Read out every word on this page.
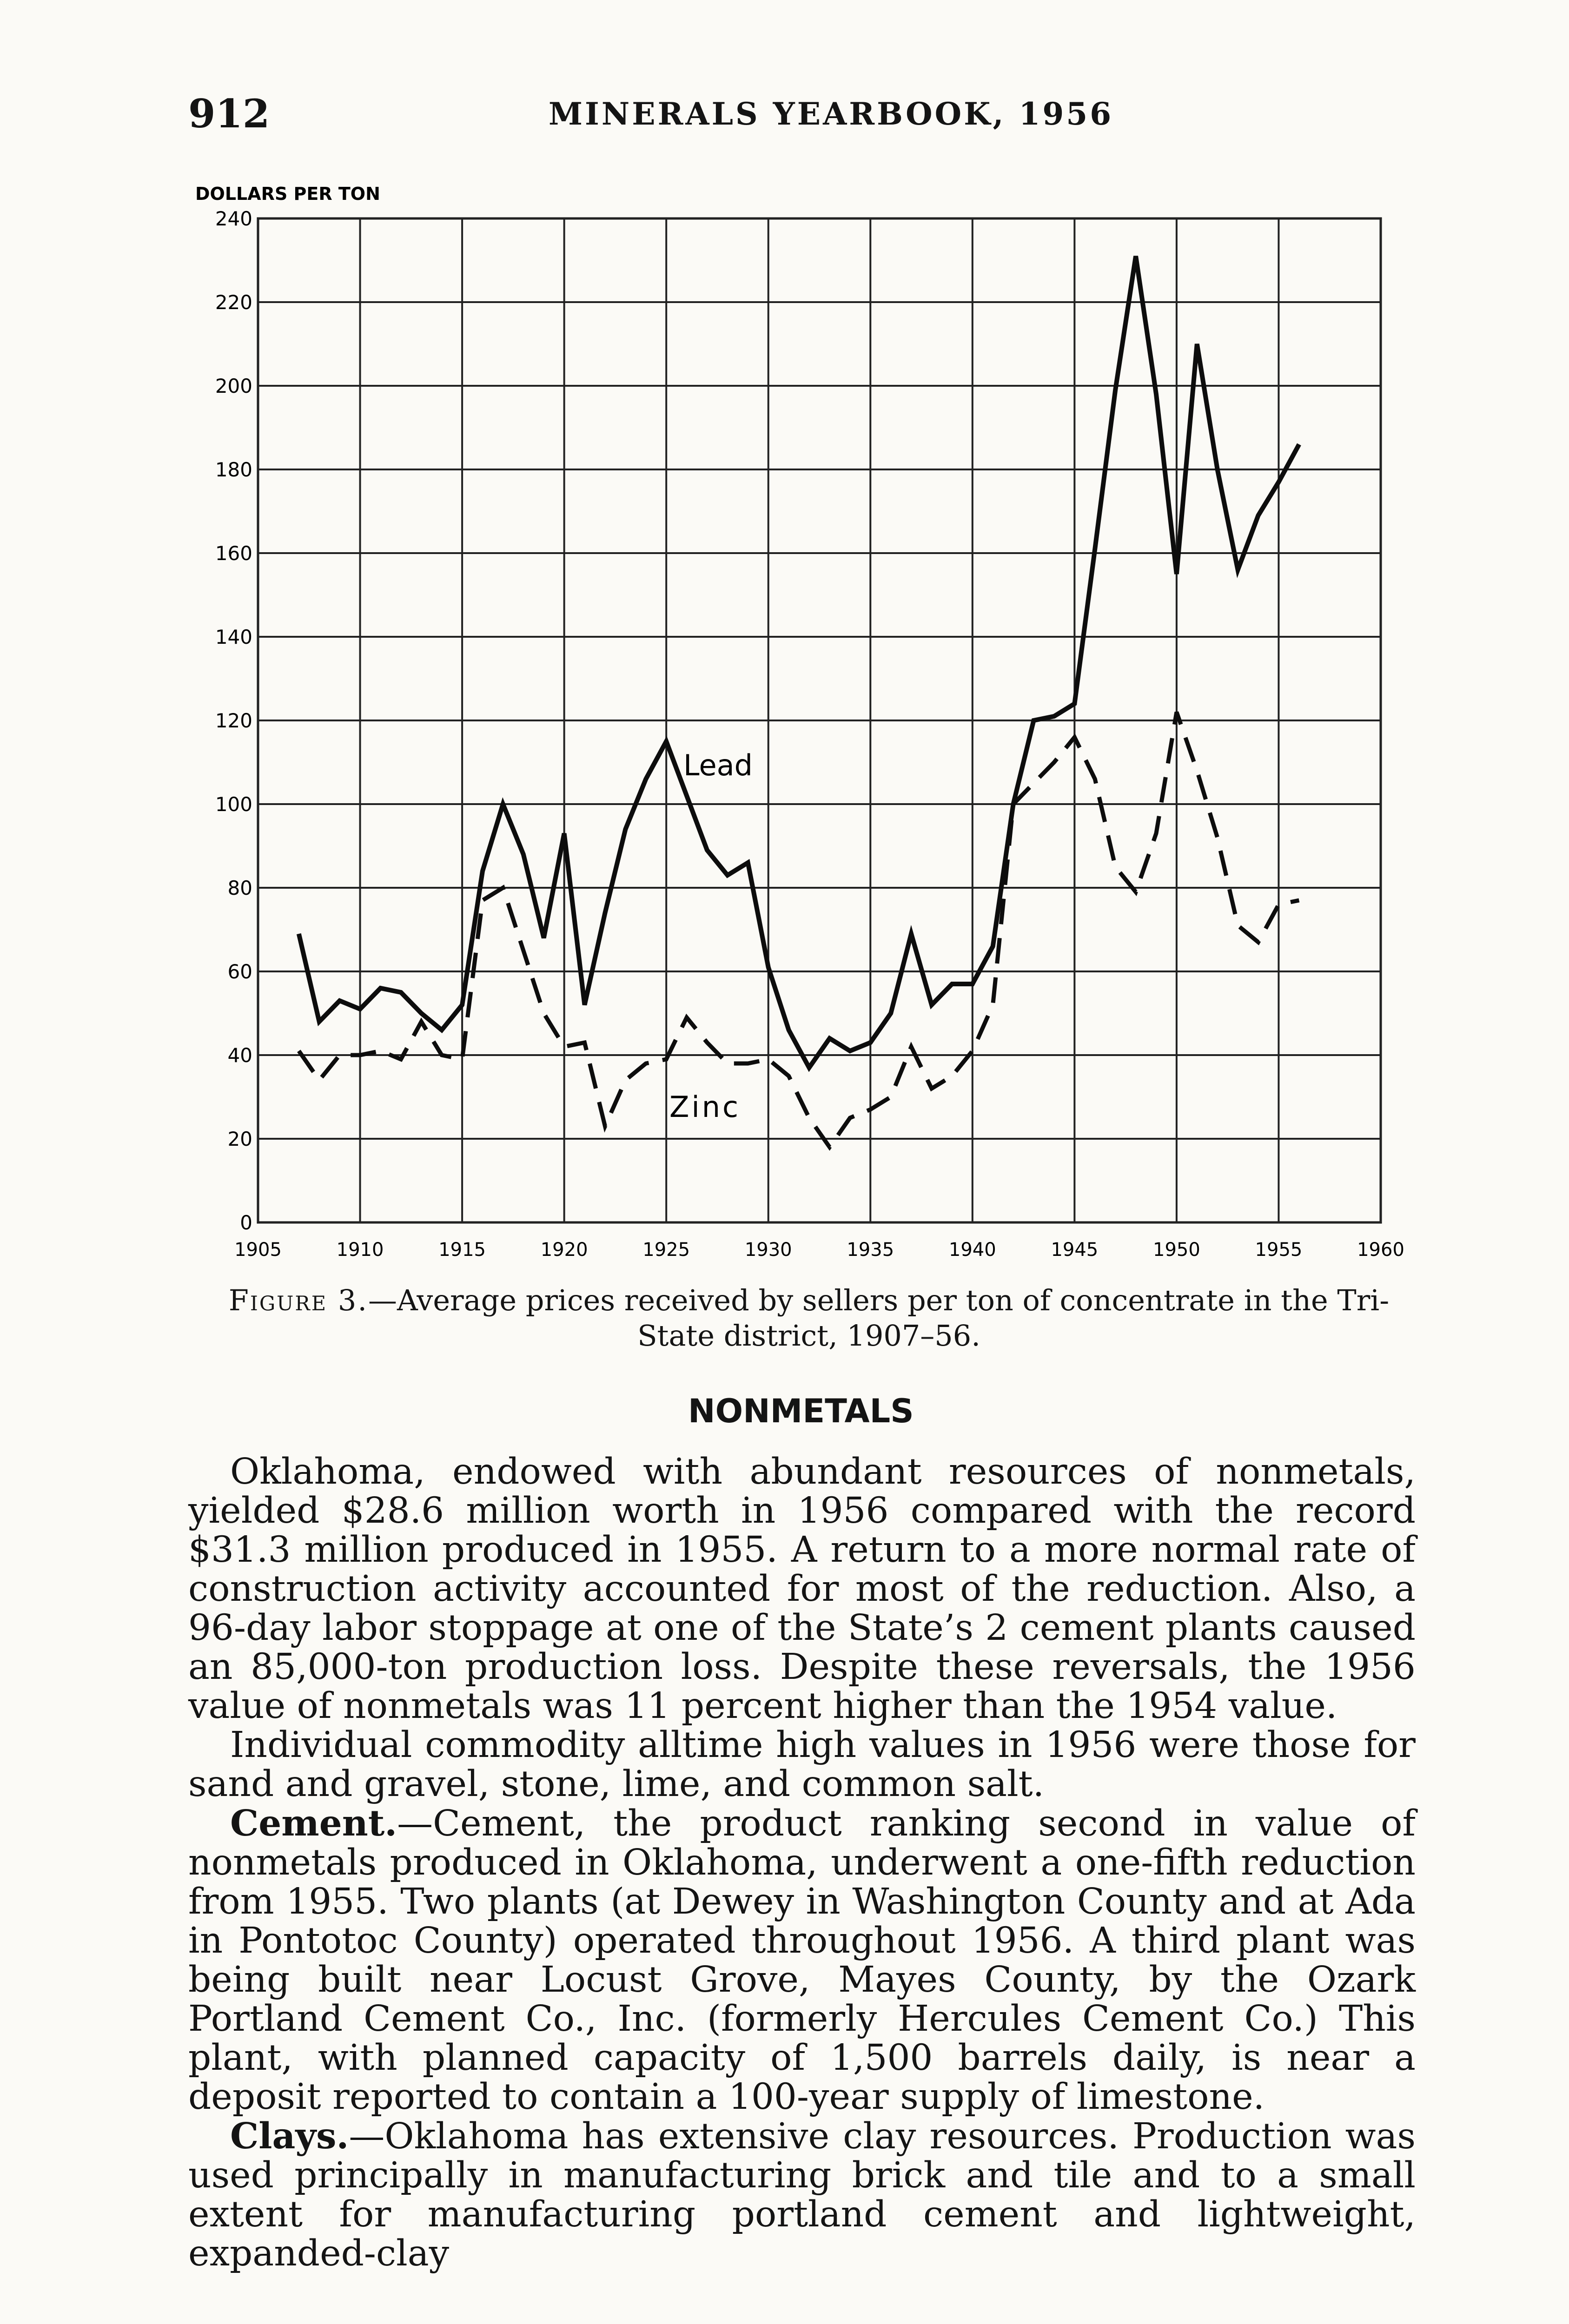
912	MINERALS YEARBOOK, 1956
DOLLARS PER TON
0
20
40
60
80
100
120
140
160
180
200
220
240
1905	1910	1915	1920	1925	1930	1935	1940	1945	1950	1955	1960
Lead
Zinc
Figure 3.—Average prices received by sellers per ton of concentrate in the Tri-State district, 1907–56.
NONMETALS

Oklahoma, endowed with abundant resources of nonmetals, yielded $28.6 million worth in 1956 compared with the record $31.3 million produced in 1955. A return to a more normal rate of construction activity accounted for most of the reduction. Also, a 96-day labor stoppage at one of the State’s 2 cement plants caused an 85,000-ton production loss. Despite these reversals, the 1956 value of nonmetals was 11 percent higher than the 1954 value.

Individual commodity alltime high values in 1956 were those for sand and gravel, stone, lime, and common salt.

Cement.—Cement, the product ranking second in value of nonmetals produced in Oklahoma, underwent a one-fifth reduction from 1955. Two plants (at Dewey in Washington County and at Ada in Pontotoc County) operated throughout 1956. A third plant was being built near Locust Grove, Mayes County, by the Ozark Portland Cement Co., Inc. (formerly Hercules Cement Co.) This plant, with planned capacity of 1,500 barrels daily, is near a deposit reported to contain a 100-year supply of limestone.

Clays.—Oklahoma has extensive clay resources. Production was used principally in manufacturing brick and tile and to a small extent for manufacturing portland cement and lightweight, expanded-clay
